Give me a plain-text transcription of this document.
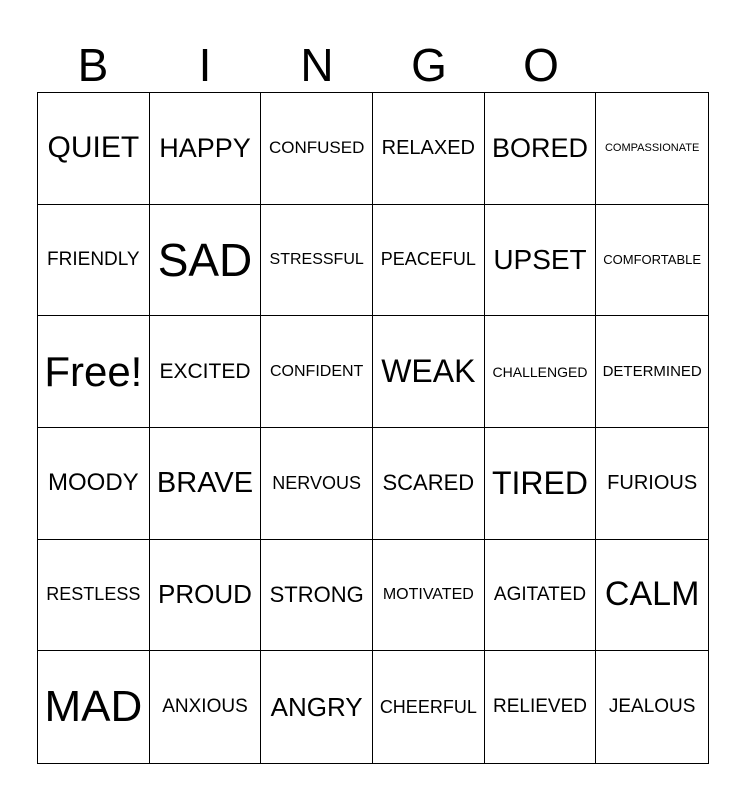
B	I	N	G	O
QUIET HAPPY CONFUSED RELAXED BORED COMPASSIONATE
FRIENDLY SAD STRESSFUL PEACEFUL UPSET COMFORTABLE
Free! EXCITED CONFIDENT WEAK CHALLENGED DETERMINED
MOODY BRAVE NERVOUS SCARED TIRED FURIOUS
RESTLESS PROUD STRONG MOTIVATED AGITATED CALM
MAD ANXIOUS ANGRY CHEERFUL RELIEVED JEALOUS
